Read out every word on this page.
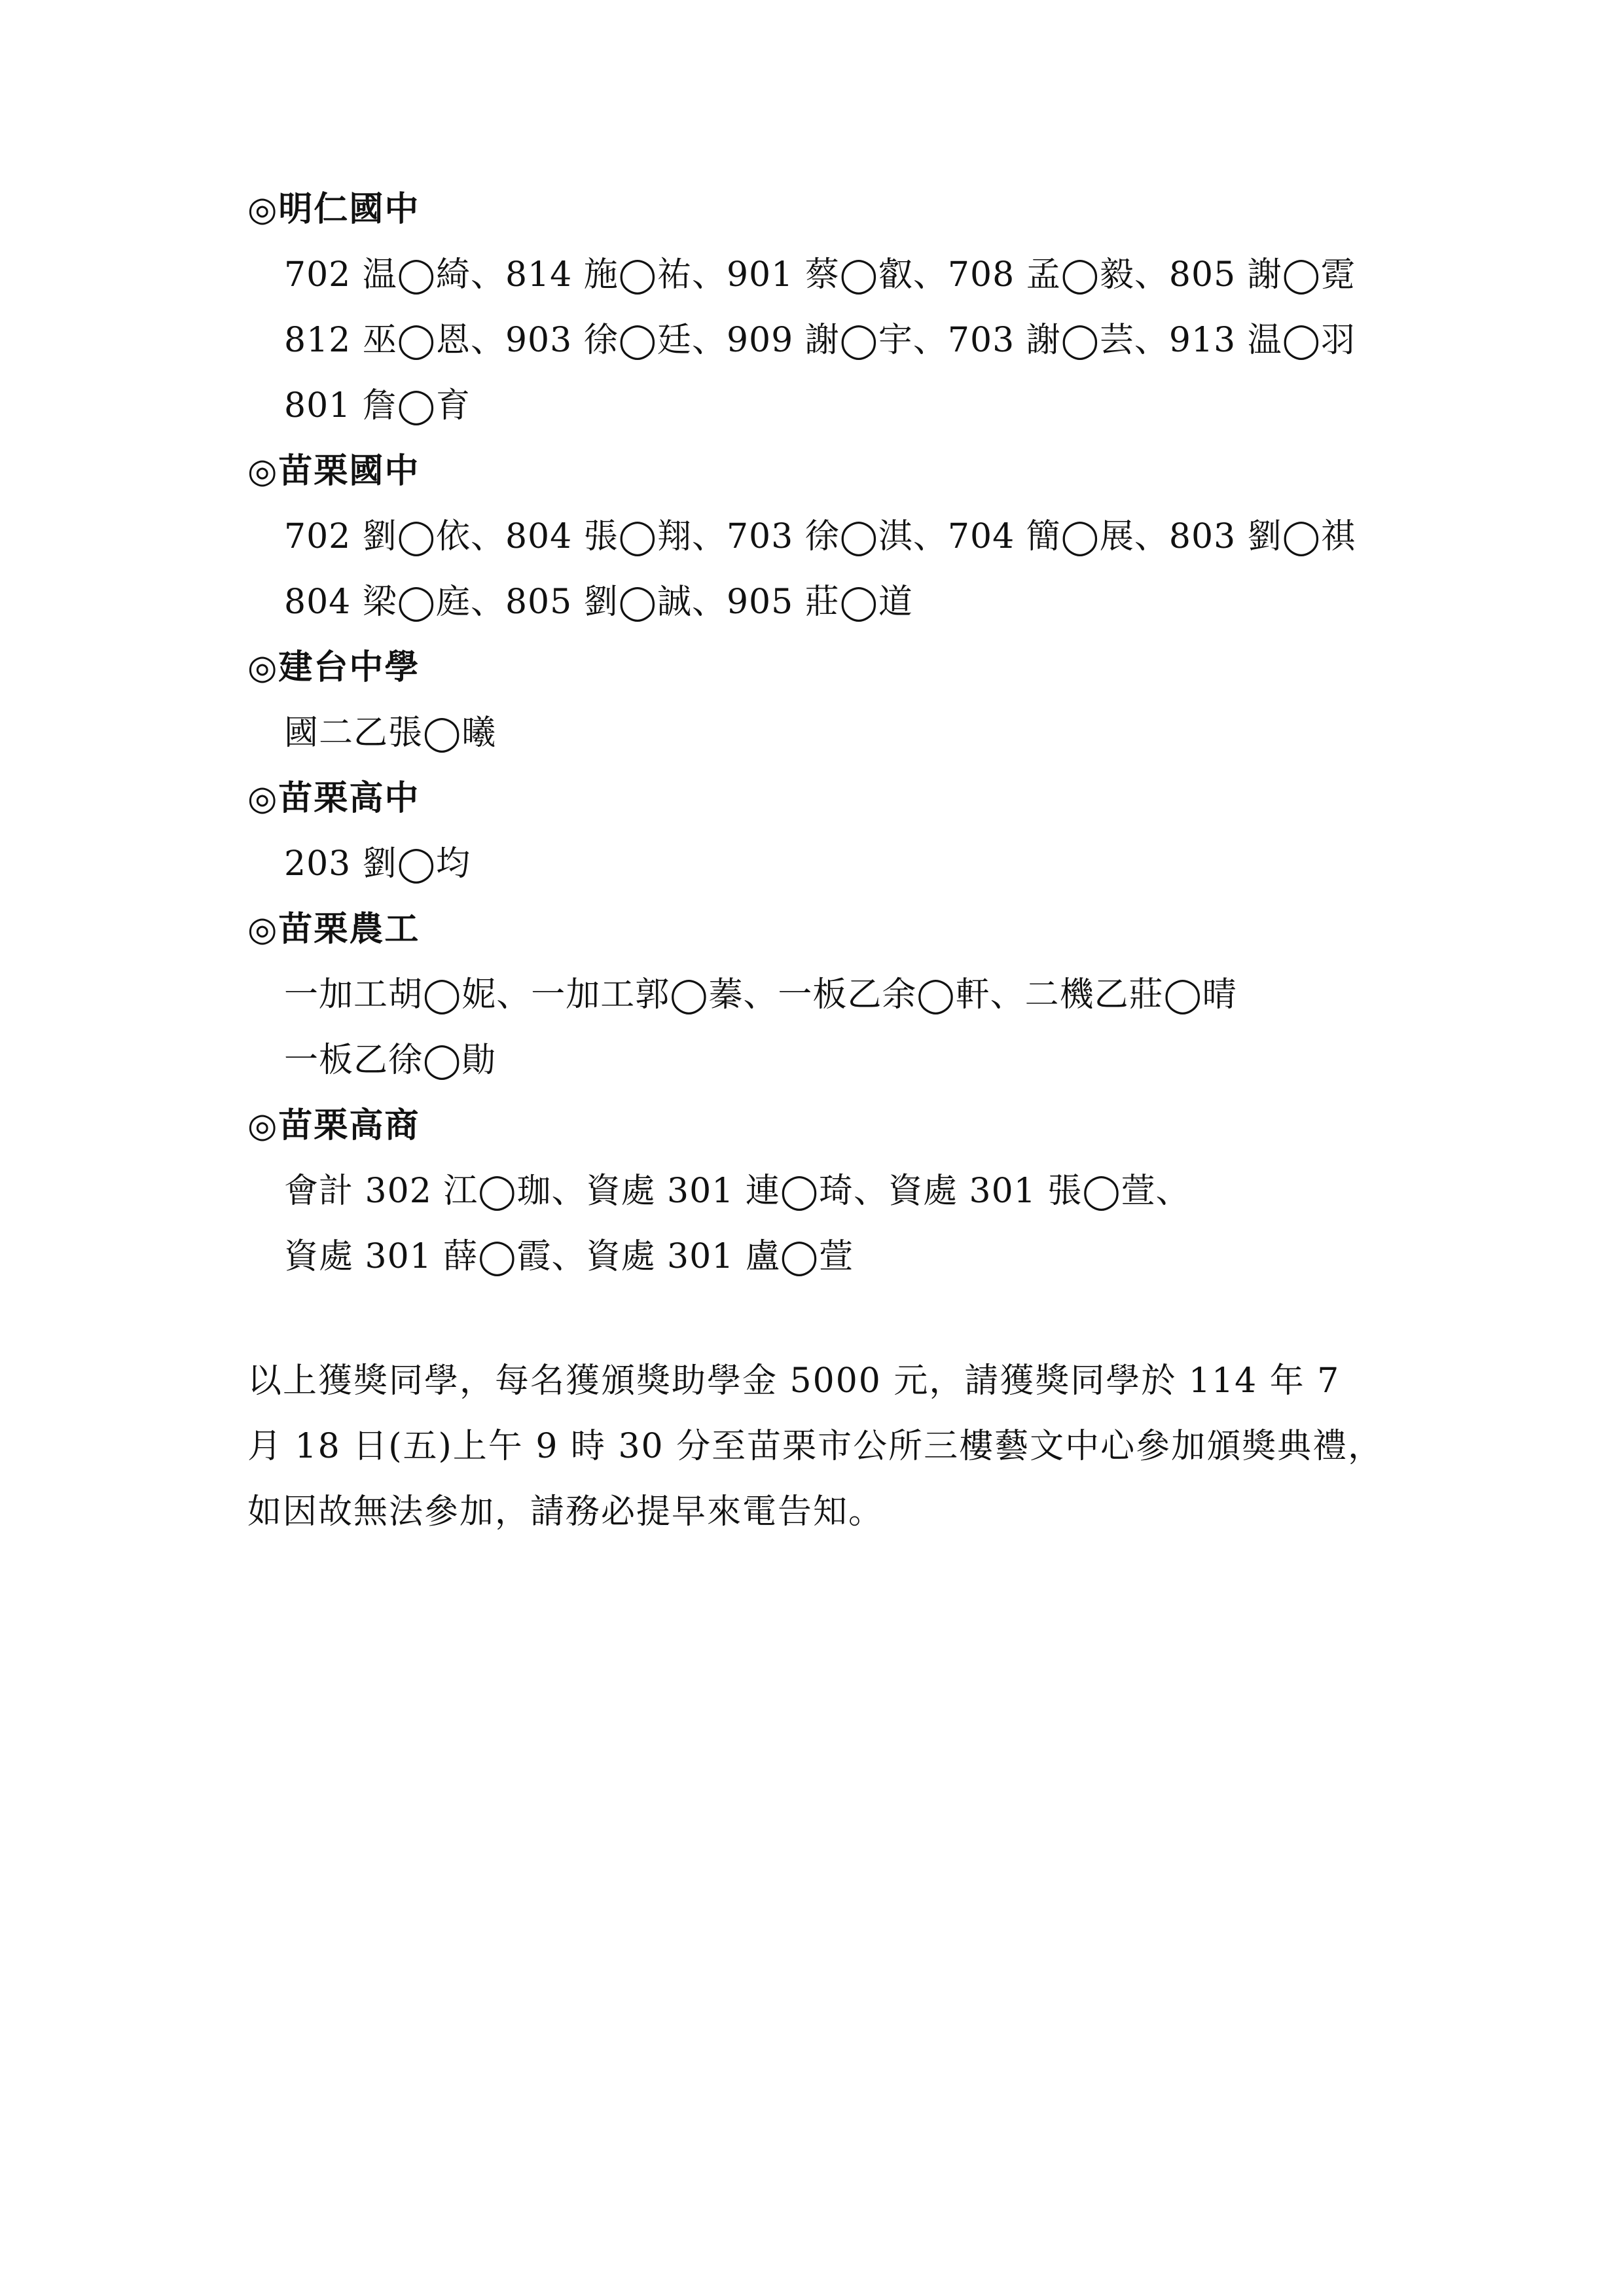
◎明仁國中
702 温◯綺、814 施◯祐、901 蔡◯叡、708 孟◯毅、805 謝◯霓
812 巫◯恩、903 徐◯廷、909 謝◯宇、703 謝◯芸、913 温◯羽
801 詹◯育
◎苗栗國中
702 劉◯依、804 張◯翔、703 徐◯淇、704 簡◯展、803 劉◯祺
804 梁◯庭、805 劉◯誠、905 莊◯道
◎建台中學
國二乙張◯曦
◎苗栗高中
203 劉◯均
◎苗栗農工
一加工胡◯妮、一加工郭◯蓁、一板乙余◯軒、二機乙莊◯晴
一板乙徐◯勛
◎苗栗高商
會計 302 江◯珈、資處 301 連◯琦、資處 301 張◯萱、
資處 301 薛◯霞、資處 301 盧◯萱
以上獲獎同學，每名獲頒獎助學金 5000 元，請獲獎同學於 114 年 7
月 18 日(五)上午 9 時 30 分至苗栗市公所三樓藝文中心參加頒獎典禮，
如因故無法參加，請務必提早來電告知。
